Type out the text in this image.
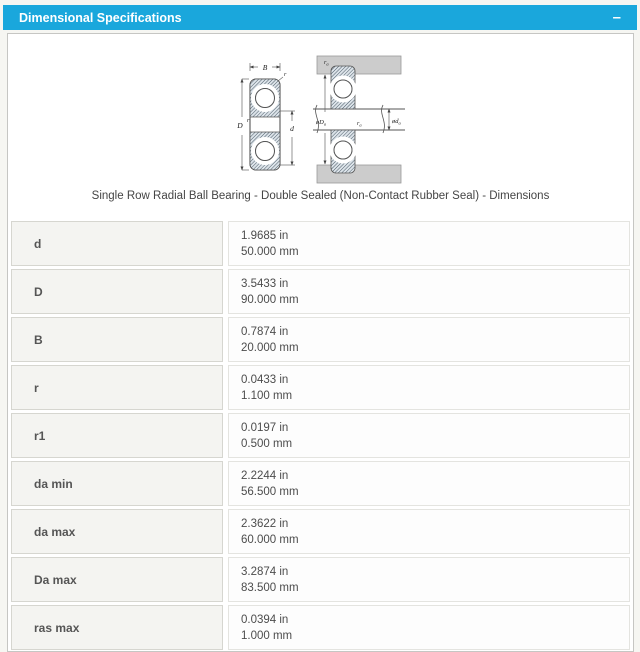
Dimensional Specifications	–
B
r
D r
d
$r_a$
$r_a$
$øD_a$	$ød_a$
Single Row Radial Ball Bearing - Double Sealed (Non-Contact Rubber Seal) - Dimensions
d
1.9685 in
50.000 mm
D
3.5433 in
90.000 mm
B
0.7874 in
20.000 mm
r
0.0433 in
1.100 mm
r1
0.0197 in
0.500 mm
da min
2.2244 in
56.500 mm
da max
2.3622 in
60.000 mm
Da max
3.2874 in
83.500 mm
ras max
0.0394 in
1.000 mm
